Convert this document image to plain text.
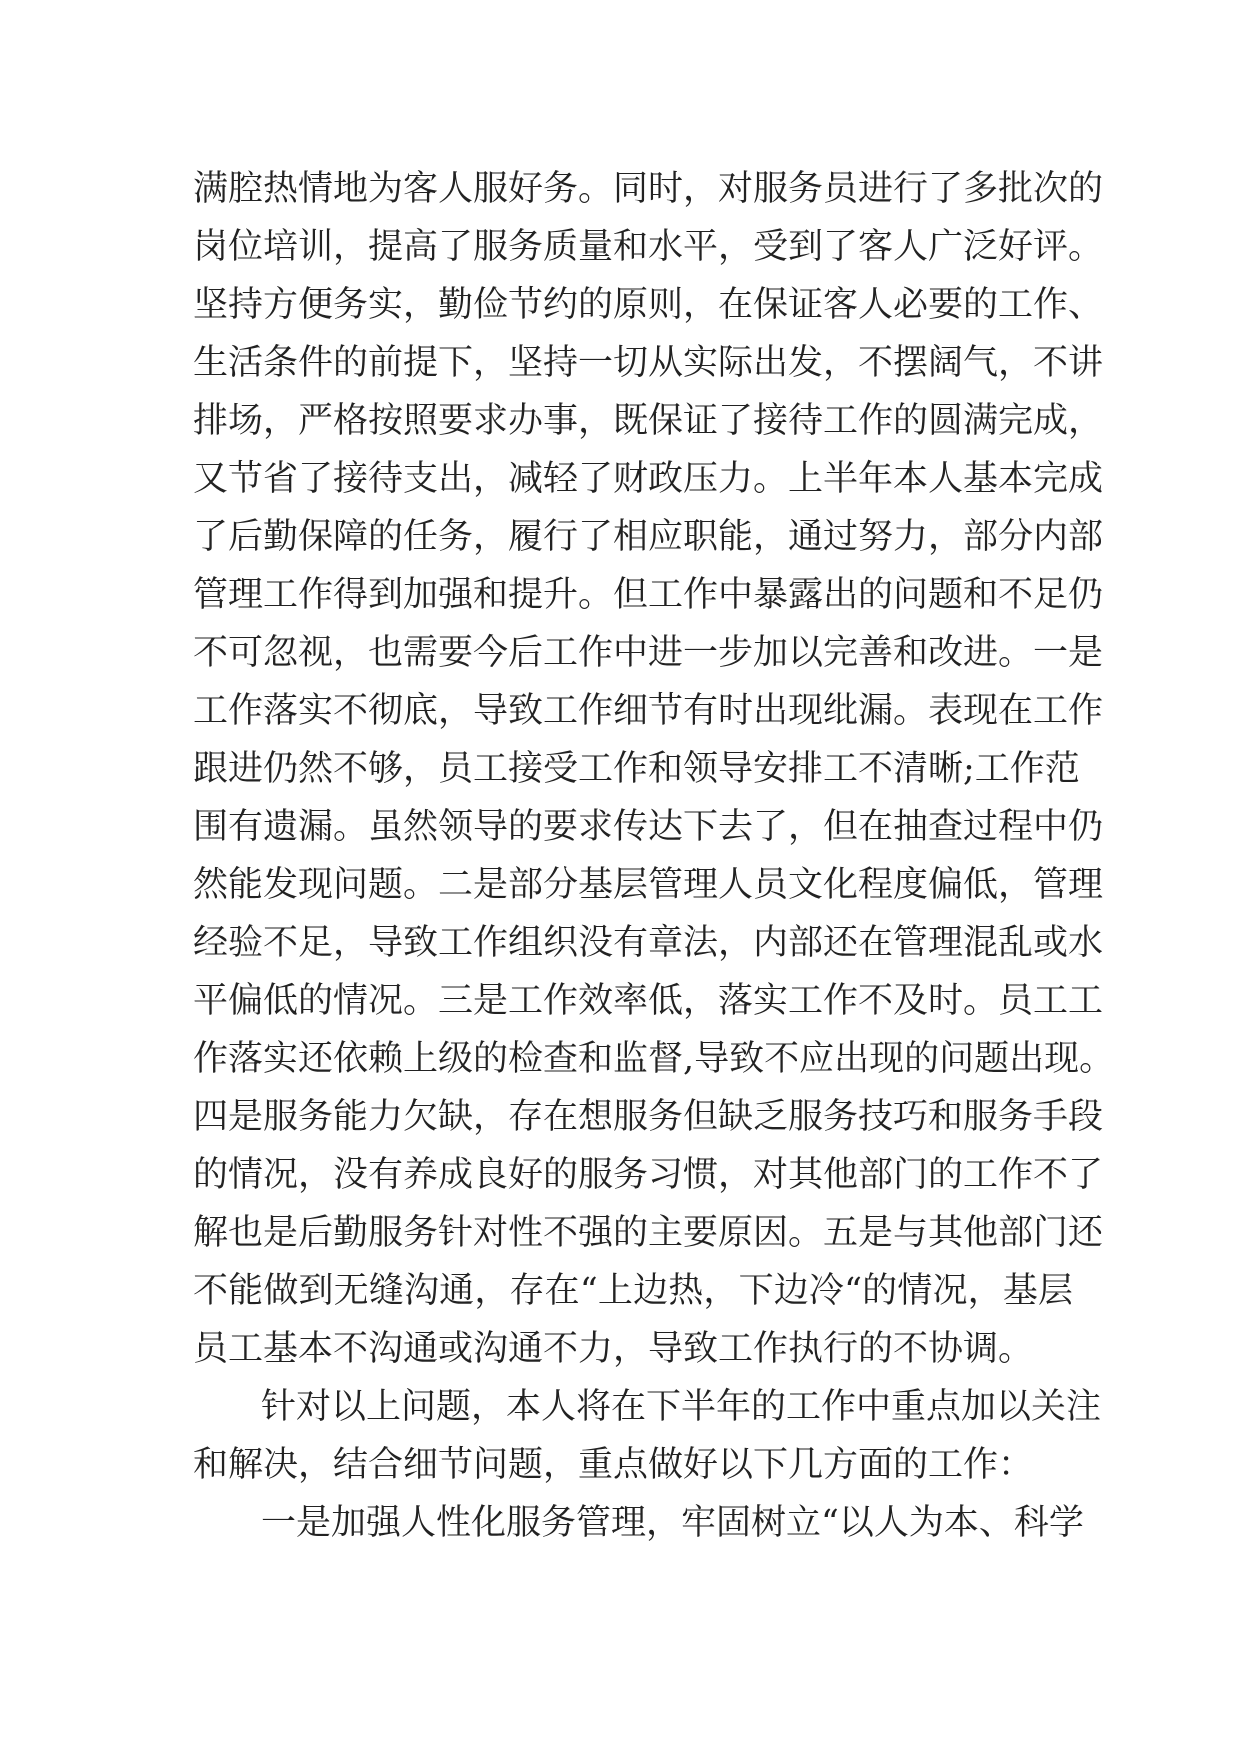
满腔热情地为客人服好务。同时，对服务员进行了多批次的
岗位培训，提高了服务质量和水平，受到了客人广泛好评。
坚持方便务实，勤俭节约的原则，在保证客人必要的工作、
生活条件的前提下，坚持一切从实际出发，不摆阔气，不讲
排场，严格按照要求办事，既保证了接待工作的圆满完成，
又节省了接待支出，减轻了财政压力。上半年本人基本完成
了后勤保障的任务，履行了相应职能，通过努力，部分内部
管理工作得到加强和提升。但工作中暴露出的问题和不足仍
不可忽视，也需要今后工作中进一步加以完善和改进。一是
工作落实不彻底，导致工作细节有时出现纰漏。表现在工作
跟进仍然不够，员工接受工作和领导安排工不清晰;工作范
围有遗漏。虽然领导的要求传达下去了，但在抽查过程中仍
然能发现问题。二是部分基层管理人员文化程度偏低，管理
经验不足，导致工作组织没有章法，内部还在管理混乱或水
平偏低的情况。三是工作效率低，落实工作不及时。员工工
作落实还依赖上级的检查和监督,导致不应出现的问题出现。
四是服务能力欠缺，存在想服务但缺乏服务技巧和服务手段
的情况，没有养成良好的服务习惯，对其他部门的工作不了
解也是后勤服务针对性不强的主要原因。五是与其他部门还
不能做到无缝沟通，存在“上边热，下边冷“的情况，基层
员工基本不沟通或沟通不力，导致工作执行的不协调。
针对以上问题，本人将在下半年的工作中重点加以关注
和解决，结合细节问题，重点做好以下几方面的工作：
一是加强人性化服务管理，牢固树立“以人为本、科学
